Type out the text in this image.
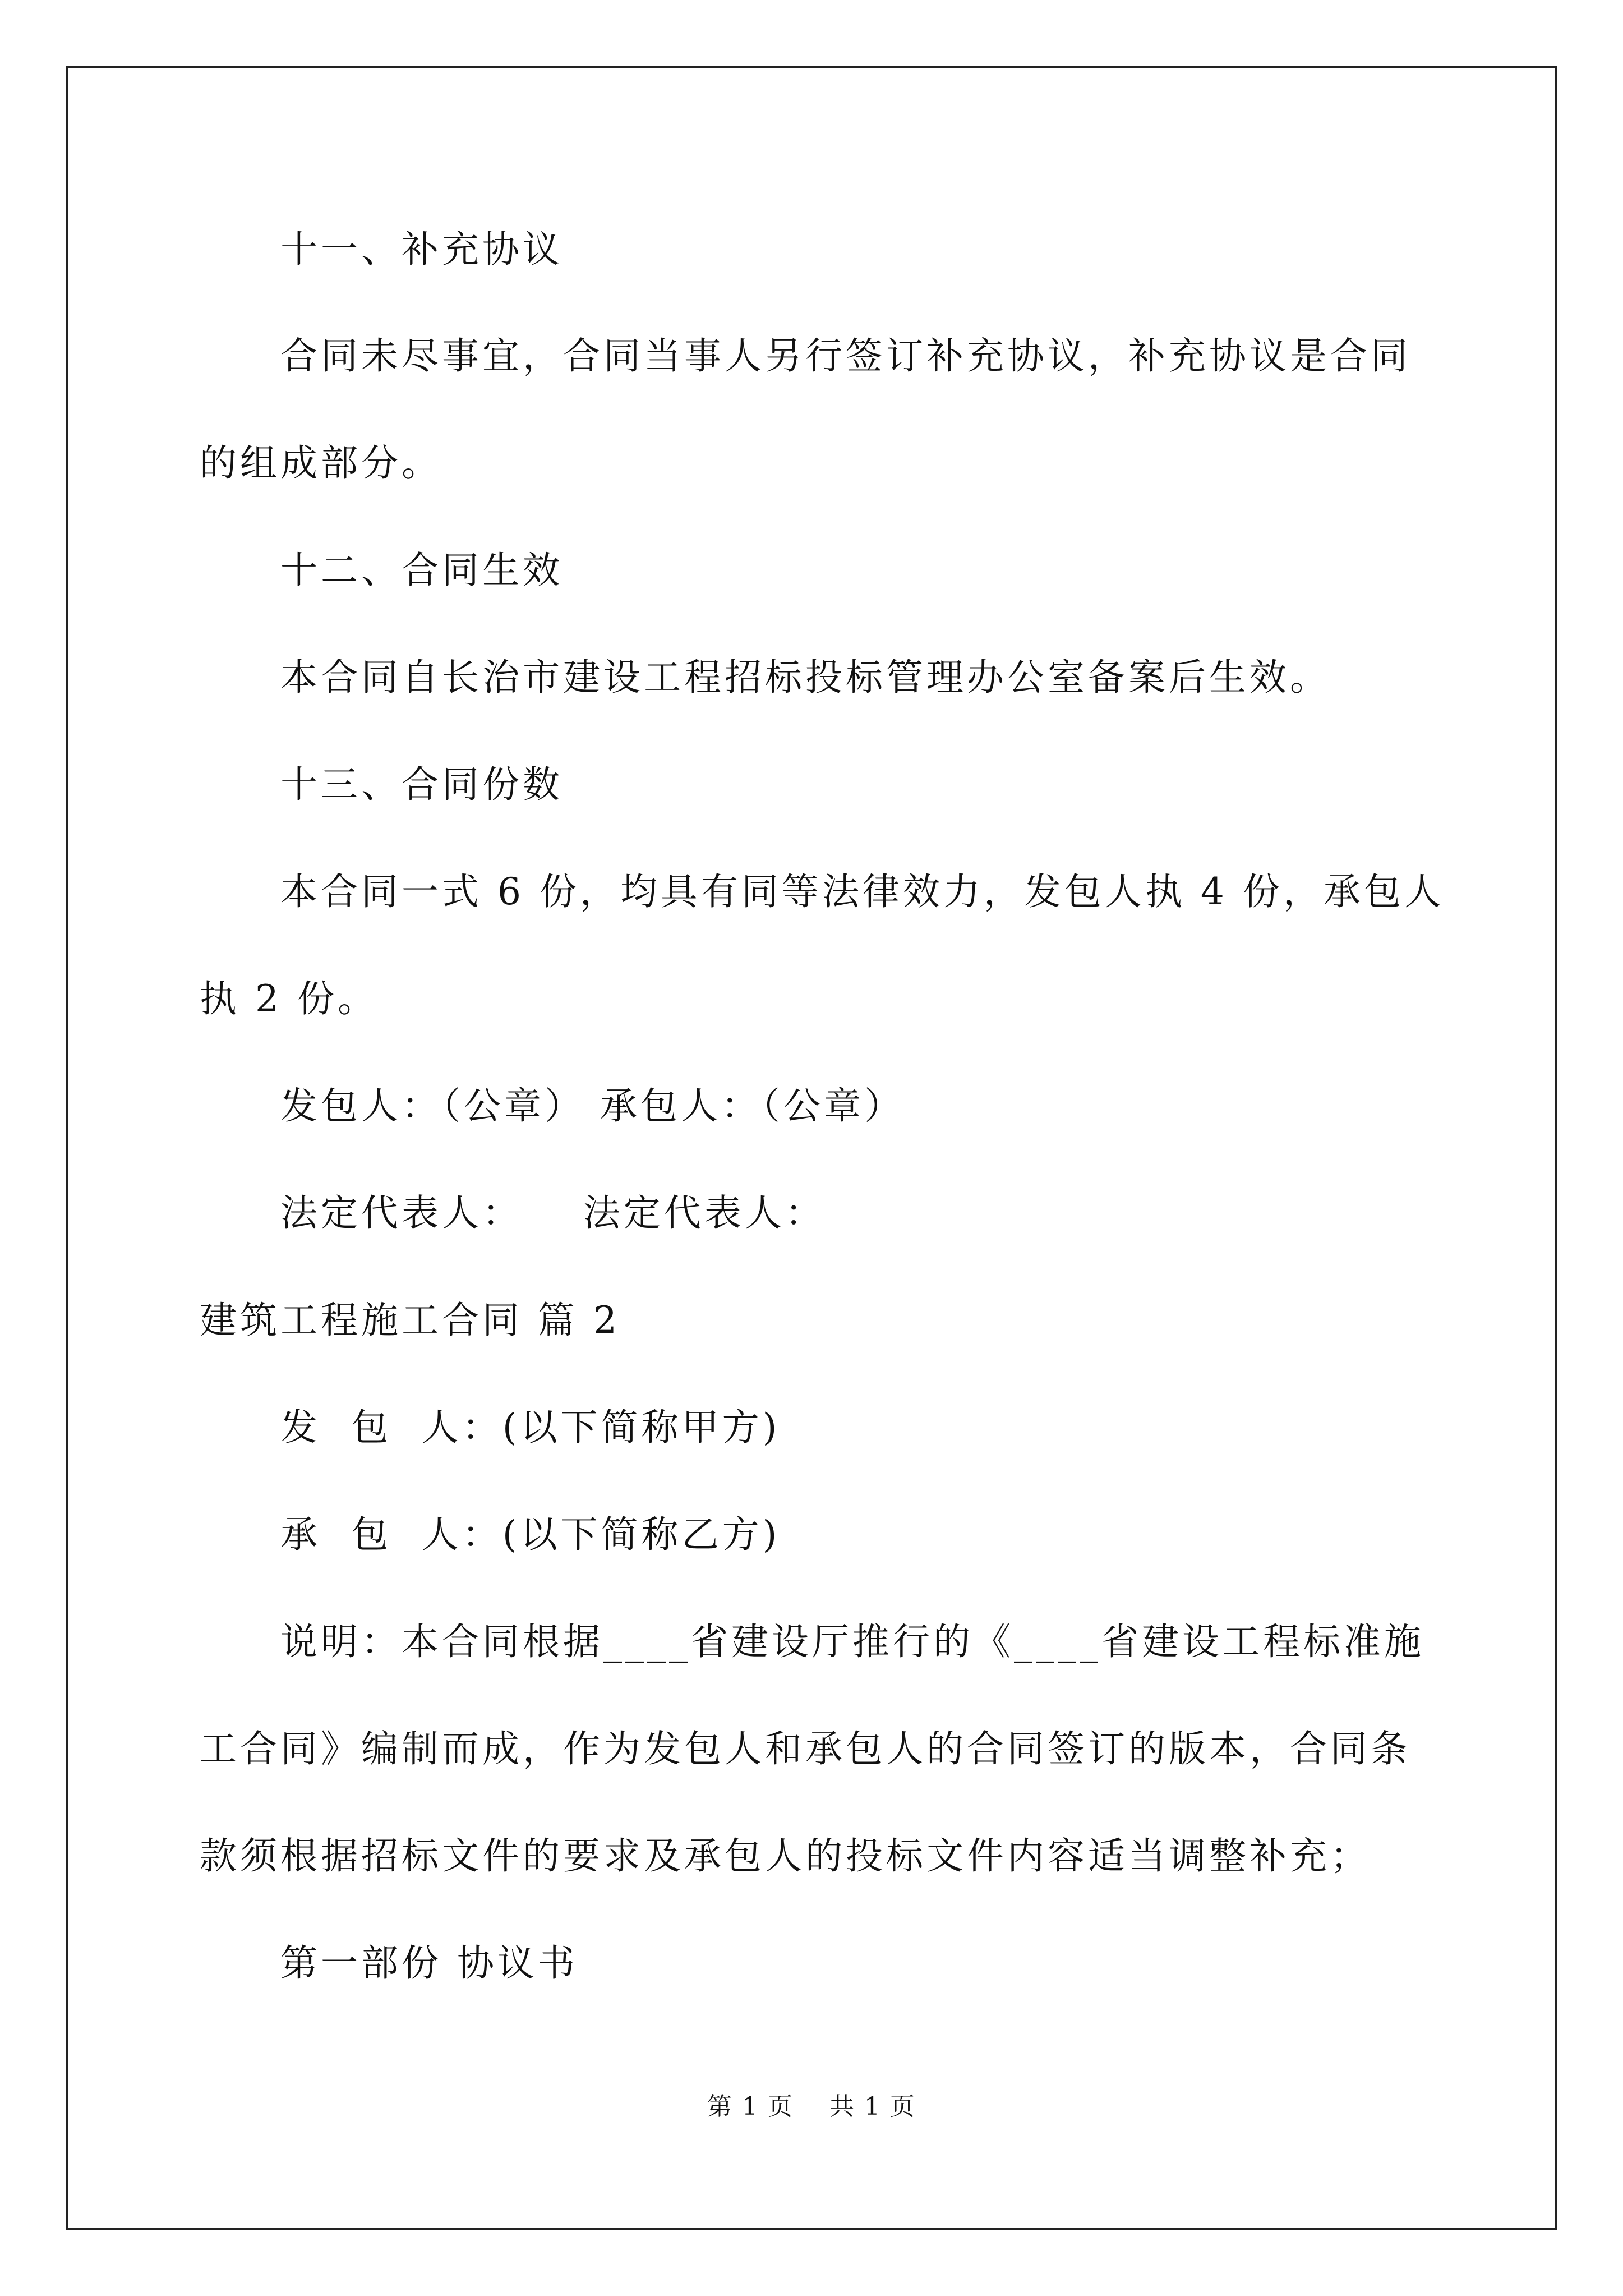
十一、补充协议
合同未尽事宜，合同当事人另行签订补充协议，补充协议是合同
的组成部分。
十二、合同生效
本合同自长治市建设工程招标投标管理办公室备案后生效。
十三、合同份数
本合同一式 6 份，均具有同等法律效力，发包人执 4 份，承包人
执 2 份。
发包人：（公章） 承包人：（公章）
法定代表人：    法定代表人：
建筑工程施工合同 篇 2
发  包  人：(以下简称甲方)
承  包  人：(以下简称乙方)
说明：本合同根据____省建设厅推行的《____省建设工程标准施
工合同》编制而成，作为发包人和承包人的合同签订的版本，合同条
款须根据招标文件的要求及承包人的投标文件内容适当调整补充；
第一部份 协议书
第 1 页    共 1 页
